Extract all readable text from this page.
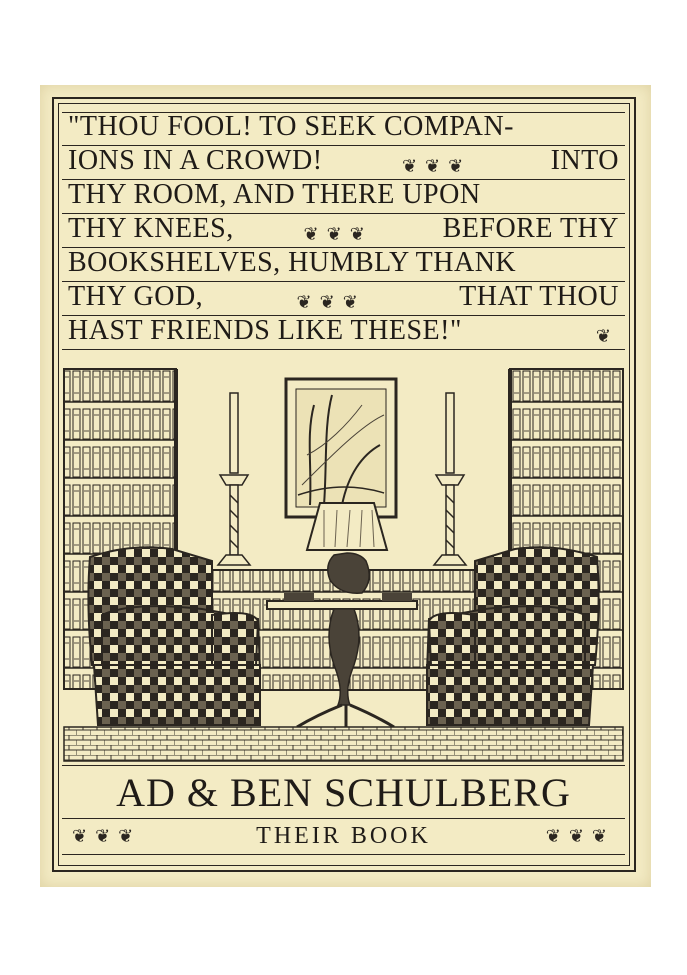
"THOU FOOL! TO SEEK COMPAN-
IONS IN A CROWD!	❦❦❦	INTO
THY ROOM, AND THERE UPON
THY KNEES,	❦❦❦ BEFORE THY
BOOKSHELVES, HUMBLY THANK
THY GOD,	❦❦❦	THAT THOU
HAST FRIENDS LIKE THESE!"	❦
AD & BEN SCHULBERG
❦❦❦	THEIR BOOK	❦❦❦
